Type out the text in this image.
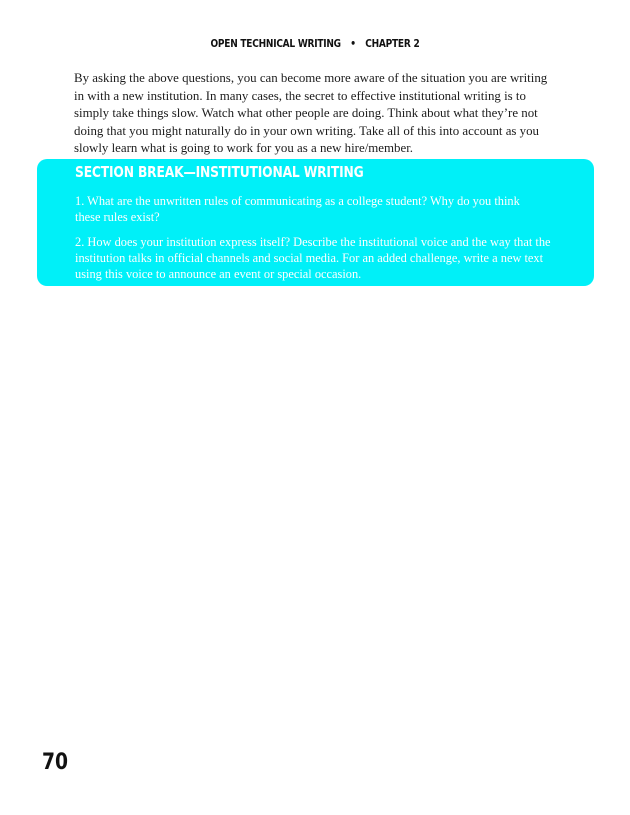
OPEN TECHNICAL WRITING • CHAPTER 2

By asking the above questions, you can become more aware of the situation you are writing in with a new institution. In many cases, the secret to effective institutional writing is to simply take things slow. Watch what other people are doing. Think about what they’re not doing that you might naturally do in your own writing. Take all of this into account as you slowly learn what is going to work for you as a new hire/member.

SECTION BREAK—INSTITUTIONAL WRITING

1. What are the unwritten rules of communicating as a college student? Why do you think these rules exist?

2. How does your institution express itself? Describe the institutional voice and the way that the institution talks in official channels and social media. For an added challenge, write a new text using this voice to announce an event or special occasion.

70
